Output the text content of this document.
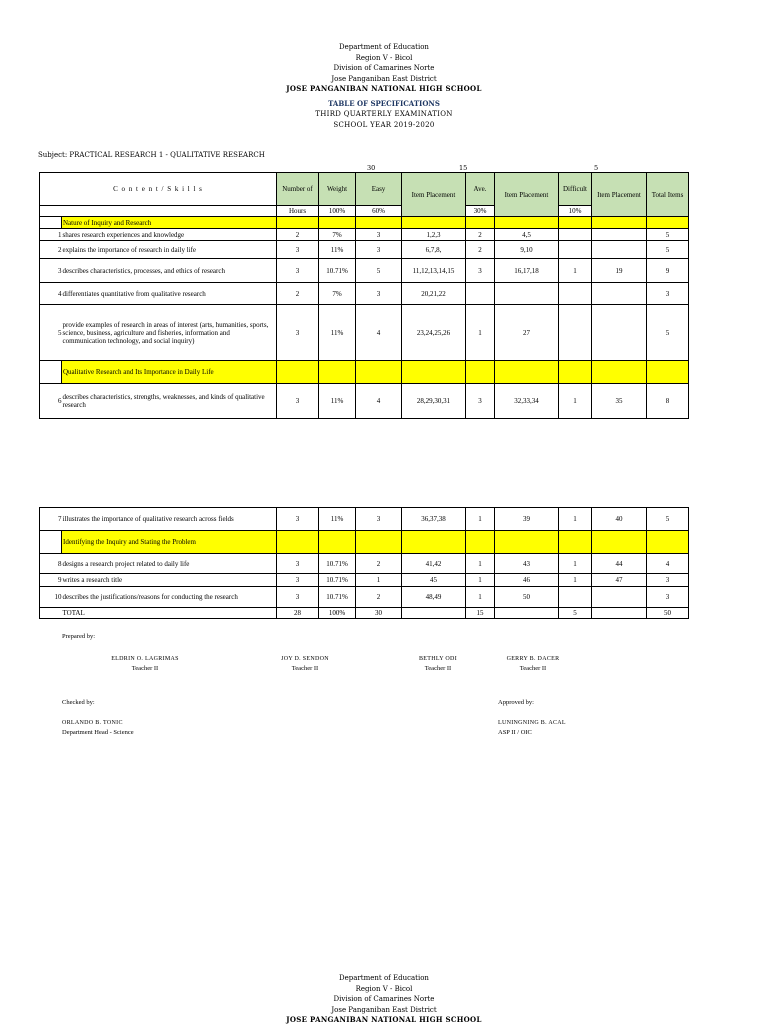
Department of Education
Region V - Bicol
Division of Camarines Norte
Jose Panganiban East District
JOSE PANGANIBAN NATIONAL HIGH SCHOOL
TABLE OF SPECIFICATIONS
THIRD QUARTERLY EXAMINATION
SCHOOL YEAR 2019-2020
Subject: PRACTICAL RESEARCH 1 - QUALITATIVE RESEARCH
30	15	5
C o n t e n t / S k i l l s		Number of	Weight	Easy	Item Placement	Ave.	Item Placement	Difficult	Item Placement	Total Items
		Hours	100%	60%		30%		10%		
	Nature of Inquiry and Research									
1	shares research experiences and knowledge	2	7%	3	1,2,3	2	4,5			5
2	explains the importance of research in daily life	3	11%	3	6,7,8,	2	9,10			5
3	describes characteristics, processes, and ethics of research	3	10.71%	5	11,12,13,14,15	3	16,17,18	1	19	9
4	differentiates quantitative from qualitative research	2	7%	3	20,21,22					3
5	provide examples of research in areas of interest (arts, humanities, sports, science, business, agriculture and fisheries, information and communication technology, and social inquiry)	3	11%	4	23,24,25,26	1	27			5
	Qualitative Research and Its Importance in Daily Life									
6	describes characteristics, strengths, weaknesses, and kinds of qualitative research	3	11%	4	28,29,30,31	3	32,33,34	1	35	8
7	illustrates the importance of qualitative research across fields	3	11%	3	36,37,38	1	39	1	40	5
	Identifying the Inquiry and Stating the Problem									
8	designs a research project related to daily life	3	10.71%	2	41,42	1	43	1	44	4
9	writes a research title	3	10.71%	1	45	1	46	1	47	3
10	describes the justifications/reasons for conducting the research	3	10.71%	2	48,49	1	50			3
	TOTAL	28	100%	30		15		5		50
Prepared by:
ELDRIN O. LAGRIMAS
Teacher II
JOY D. SENDON
Teacher II
BETHLY ODI
Teacher II
GERRY B. DACER
Teacher II
Checked by:	Approved by:
ORLANDO B. TONIC
Department Head - Science
LUNINGNING B. ACAL
ASP II / OIC
Department of Education
Region V - Bicol
Division of Camarines Norte
Jose Panganiban East District
JOSE PANGANIBAN NATIONAL HIGH SCHOOL
